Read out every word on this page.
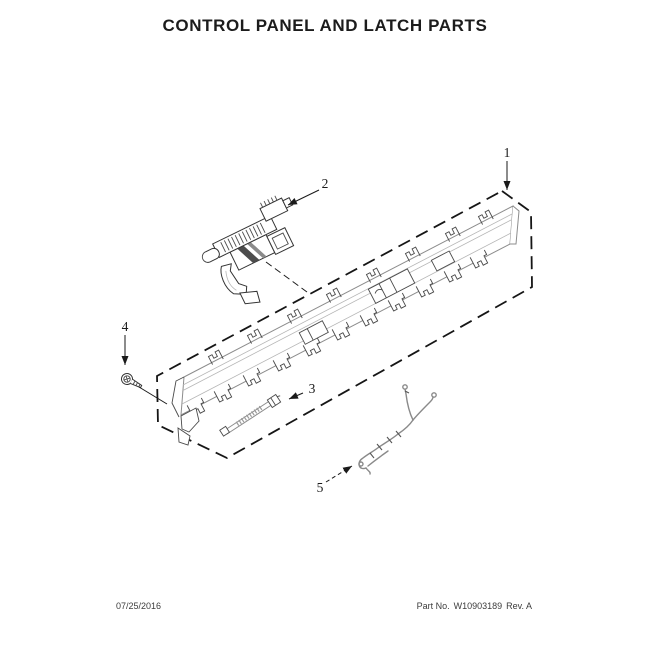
CONTROL PANEL AND LATCH PARTS
1
2
3
4
5
07/25/2016	Part No. W10903189 Rev. A
